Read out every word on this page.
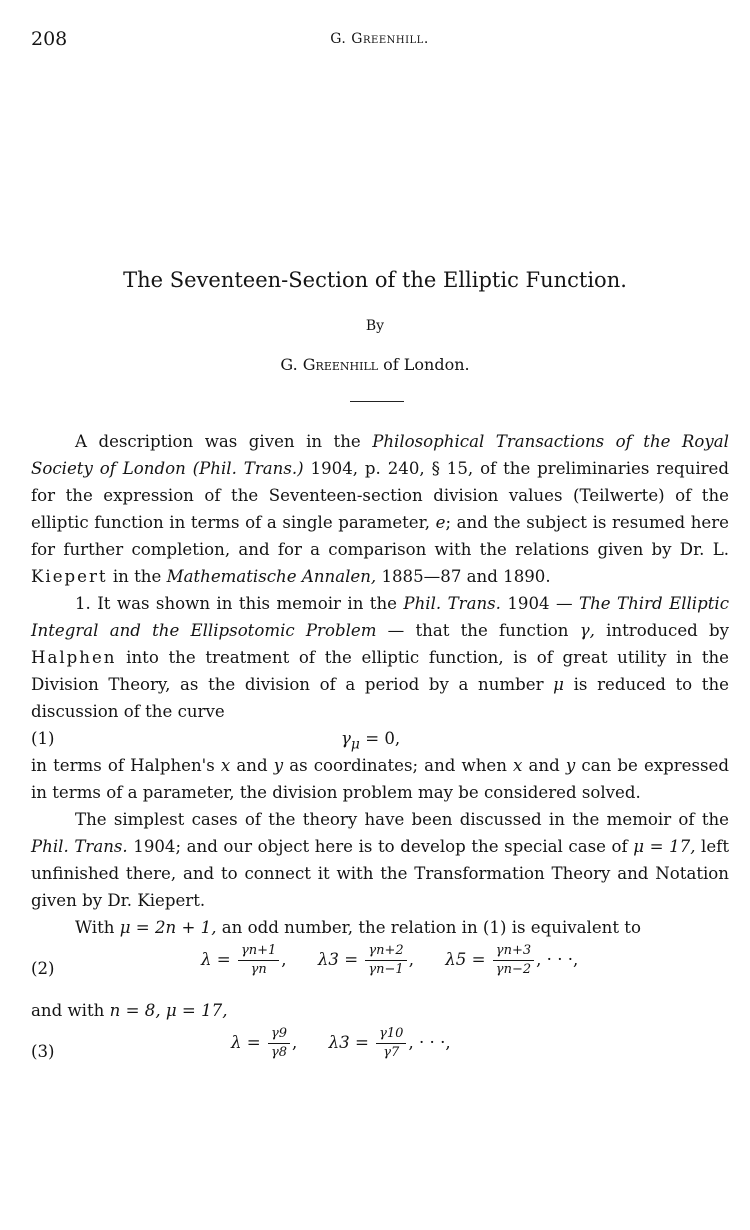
208	G. Greenhill.
The Seventeen-Section of the Elliptic Function.
By
G. Greenhill of London.

A description was given in the Philosophical Transactions of the Royal Society of London (Phil. Trans.) 1904, p. 240, § 15, of the preliminaries required for the expression of the Seventeen-section division values (Teilwerte) of the elliptic function in terms of a single parameter, e; and the subject is resumed here for further completion, and for a comparison with the relations given by Dr. L. Kiepert in the Mathematische Annalen, 1885—87 and 1890.

1. It was shown in this memoir in the Phil. Trans. 1904 — The Third Elliptic Integral and the Ellipsotomic Problem — that the function γ, introduced by Halphen into the treatment of the elliptic function, is of great utility in the Division Theory, as the division of a period by a number μ is reduced to the discussion of the curve

(1)	$\gamma_\mu = 0$,

in terms of Halphen's x and y as coordinates; and when x and y can be expressed in terms of a parameter, the division problem may be considered solved.

The simplest cases of the theory have been discussed in the memoir of the Phil. Trans. 1904; and our object here is to develop the special case of μ = 17, left unfinished there, and to connect it with the Transformation Theory and Notation given by Dr. Kiepert.

With μ = 2n + 1, an odd number, the relation in (1) is equivalent to

(2)	$\lambda = \frac{\gamma n+1}{\gamma n}$ , $\lambda 3 = \frac{\gamma n+2}{\gamma n-1}$ , $\lambda 5 = \frac{\gamma n+3}{\gamma n-2}$ , · · ·,

and with n = 8, μ = 17,

(3)	$\lambda = \frac{\gamma 9}{\gamma 8}$ , $\lambda 3 = \frac{\gamma 10}{\gamma 7}$ , · · ·,
